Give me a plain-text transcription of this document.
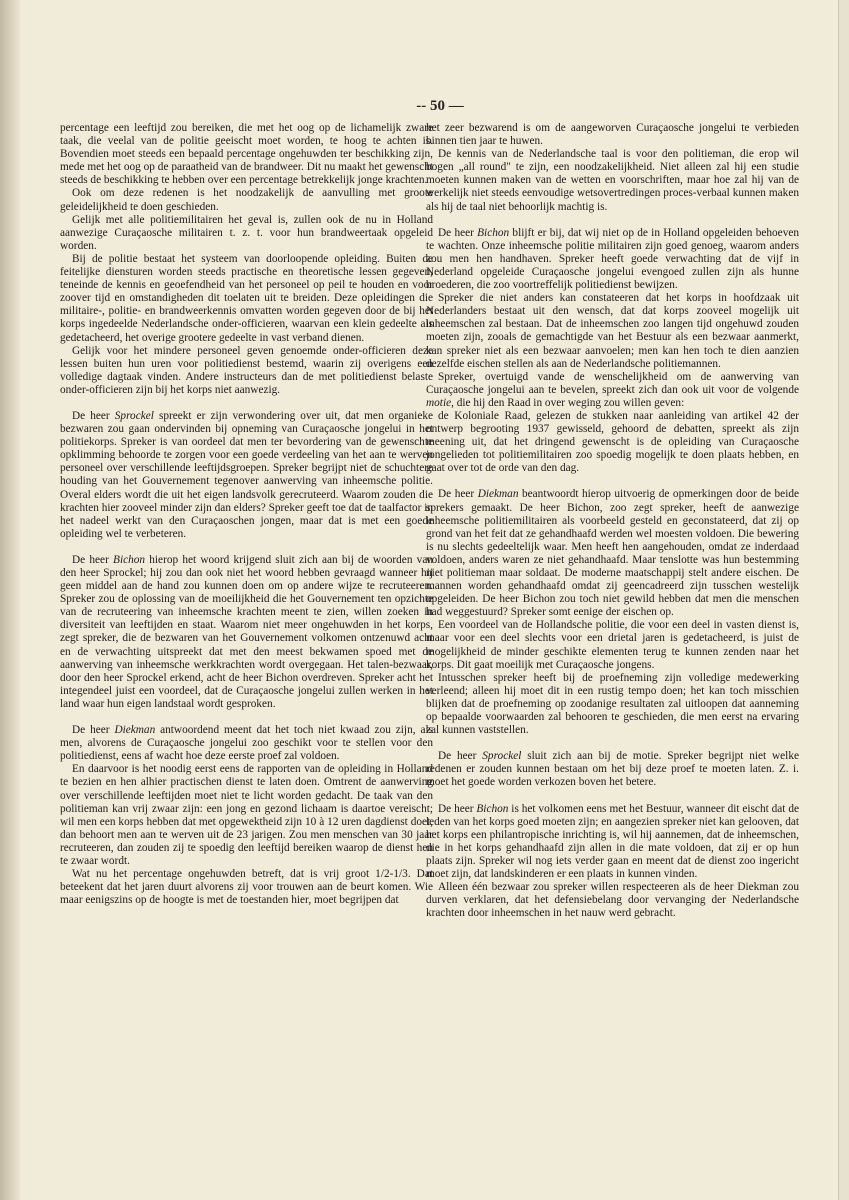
-- 50 —

percentage een leeftijd zou bereiken, die met het oog op de lichamelijk zware taak, die veelal van de politie geeischt moet worden, te hoog te achten is. Bovendien moet steeds een bepaald percentage ongehuwden ter beschikking zijn, mede met het oog op de paraatheid van de brandweer. Dit nu maakt het gewenscht steeds de beschikking te hebben over een percentage betrekkelijk jonge krachten.

Ook om deze redenen is het noodzakelijk de aanvulling met groote geleidelijkheid te doen geschieden.

Gelijk met alle politiemilitairen het geval is, zullen ook de nu in Holland aanwezige Curaçaosche militairen t. z. t. voor hun brandweertaak opgeleid worden.

Bij de politie bestaat het systeem van doorloopende opleiding. Buiten de feitelijke diensturen worden steeds practische en theoretische lessen gegeven, teneinde de kennis en geoefendheid van het personeel op peil te houden en voor zoover tijd en omstandigheden dit toelaten uit te breiden. Deze opleidingen die militaire-, politie- en brandweerkennis omvatten worden gegeven door de bij het korps ingedeelde Nederlandsche onder-officieren, waarvan een klein gedeelte als gedetacheerd, het overige grootere gedeelte in vast verband dienen.

Gelijk voor het mindere personeel geven genoemde onder-officieren deze lessen buiten hun uren voor politiedienst bestemd, waarin zij overigens een volledige dagtaak vinden. Andere instructeurs dan de met politiedienst belaste onder-officieren zijn bij het korps niet aanwezig.

De heer Sprockel spreekt er zijn verwondering over uit, dat men organieke bezwaren zou gaan ondervinden bij opneming van Curaçaosche jongelui in het politiekorps. Spreker is van oordeel dat men ter bevordering van de gewenschte opklimming behoorde te zorgen voor een goede verdeeling van het aan te werven personeel over verschillende leeftijdsgroepen. Spreker begrijpt niet de schuchtere houding van het Gouvernement tegenover aanwerving van inheemsche politie. Overal elders wordt die uit het eigen landsvolk gerecruteerd. Waarom zouden die krachten hier zooveel minder zijn dan elders? Spreker geeft toe dat de taalfactor in het nadeel werkt van den Curaçaoschen jongen, maar dat is met een goede opleiding wel te verbeteren.

De heer Bichon hierop het woord krijgend sluit zich aan bij de woorden van den heer Sprockel; hij zou dan ook niet het woord hebben gevraagd wanneer hij geen middel aan de hand zou kunnen doen om op andere wijze te recruteeren. Spreker zou de oplossing van de moeilijkheid die het Gouvernement ten opzichte van de recruteering van inheemsche krachten meent te zien, willen zoeken in diversiteit van leeftijden en staat. Waarom niet meer ongehuwden in het korps, zegt spreker, die de bezwaren van het Gouvernement volkomen ontzenuwd acht en de verwachting uitspreekt dat met den meest bekwamen spoed met de aanwerving van inheemsche werkkrachten wordt overgegaan. Het talen-bezwaar, door den heer Sprockel erkend, acht de heer Bichon overdreven. Spreker acht het integendeel juist een voordeel, dat de Curaçaosche jongelui zullen werken in het land waar hun eigen landstaal wordt gesproken.

De heer Diekman antwoordend meent dat het toch niet kwaad zou zijn, als men, alvorens de Curaçaosche jongelui zoo geschikt voor te stellen voor den politiedienst, eens af wacht hoe deze eerste proef zal voldoen.

En daarvoor is het noodig eerst eens de rapporten van de opleiding in Holland te bezien en hen alhier practischen dienst te laten doen. Omtrent de aanwerving over verschillende leeftijden moet niet te licht worden gedacht. De taak van den politieman kan vrij zwaar zijn: een jong en gezond lichaam is daartoe vereischt; wil men een korps hebben dat met opgewektheid zijn 10 à 12 uren dagdienst doet, dan behoort men aan te werven uit de 23 jarigen. Zou men menschen van 30 jaar recruteeren, dan zouden zij te spoedig den leeftijd bereiken waarop de dienst hen te zwaar wordt.

Wat nu het percentage ongehuwden betreft, dat is vrij groot 1/2-1/3. Dat beteekent dat het jaren duurt alvorens zij voor trouwen aan de beurt komen. Wie maar eenigszins op de hoogte is met de toestanden hier, moet begrijpen dat

het zeer bezwarend is om de aangeworven Curaçaosche jongelui te verbieden binnen tien jaar te huwen.

De kennis van de Nederlandsche taal is voor den politieman, die erop wil bogen „all round" te zijn, een noodzakelijkheid. Niet alleen zal hij een studie moeten kunnen maken van de wetten en voorschriften, maar hoe zal hij van de werkelijk niet steeds eenvoudige wetsovertredingen proces-verbaal kunnen maken als hij de taal niet behoorlijk machtig is.

De heer Bichon blijft er bij, dat wij niet op de in Holland opgeleiden behoeven te wachten. Onze inheemsche politie militairen zijn goed genoeg, waarom anders zou men hen handhaven. Spreker heeft goede verwachting dat de vijf in Nederland opgeleide Curaçaosche jongelui evengoed zullen zijn als hunne broederen, die zoo voortreffelijk politiedienst bewijzen.

Spreker die niet anders kan constateeren dat het korps in hoofdzaak uit Nederlanders bestaat uit den wensch, dat dat korps zooveel mogelijk uit inheemschen zal bestaan. Dat de inheemschen zoo langen tijd ongehuwd zouden moeten zijn, zooals de gemachtigde van het Bestuur als een bezwaar aanmerkt, kan spreker niet als een bezwaar aanvoelen; men kan hen toch te dien aanzien dezelfde eischen stellen als aan de Nederlandsche politiemannen.

Spreker, overtuigd vande de wenschelijkheid om de aanwerving van Curaçaosche jongelui aan te bevelen, spreekt zich dan ook uit voor de volgende motie, die hij den Raad in over weging zou willen geven:

de Koloniale Raad, gelezen de stukken naar aanleiding van artikel 42 der ontwerp begrooting 1937 gewisseld, gehoord de debatten, spreekt als zijn meening uit, dat het dringend gewenscht is de opleiding van Curaçaosche jongelieden tot politiemilitairen zoo spoedig mogelijk te doen plaats hebben, en gaat over tot de orde van den dag.

De heer Diekman beantwoordt hierop uitvoerig de opmerkingen door de beide sprekers gemaakt. De heer Bichon, zoo zegt spreker, heeft de aanwezige inheemsche politiemilitairen als voorbeeld gesteld en geconstateerd, dat zij op grond van het feit dat ze gehandhaafd werden wel moesten voldoen. Die bewering is nu slechts gedeeltelijk waar. Men heeft hen aangehouden, omdat ze inderdaad voldoen, anders waren ze niet gehandhaafd. Maar tenslotte was hun bestemming niet politieman maar soldaat. De moderne maatschappij stelt andere eischen. De mannen worden gehandhaafd omdat zij geencadreerd zijn tusschen westelijk opgeleiden. De heer Bichon zou toch niet gewild hebben dat men die menschen had weggestuurd? Spreker somt eenige der eischen op.

Een voordeel van de Hollandsche politie, die voor een deel in vasten dienst is, maar voor een deel slechts voor een drietal jaren is gedetacheerd, is juist de mogelijkheid de minder geschikte elementen terug te kunnen zenden naar het korps. Dit gaat moeilijk met Curaçaosche jongens.

Intusschen spreker heeft bij de proefneming zijn volledige medewerking verleend; alleen hij moet dit in een rustig tempo doen; het kan toch misschien blijken dat de proefneming op zoodanige resultaten zal uitloopen dat aanneming op bepaalde voorwaarden zal behooren te geschieden, die men eerst na ervaring zal kunnen vaststellen.

De heer Sprockel sluit zich aan bij de motie. Spreker begrijpt niet welke redenen er zouden kunnen bestaan om het bij deze proef te moeten laten. Z. i. moet het goede worden verkozen boven het betere.

De heer Bichon is het volkomen eens met het Bestuur, wanneer dit eischt dat de leden van het korps goed moeten zijn; en aangezien spreker niet kan gelooven, dat het korps een philantropische inrichting is, wil hij aannemen, dat de inheemschen, die in het korps gehandhaafd zijn allen in die mate voldoen, dat zij er op hun plaats zijn. Spreker wil nog iets verder gaan en meent dat de dienst zoo ingericht moet zijn, dat landskinderen er een plaats in kunnen vinden.

Alleen één bezwaar zou spreker willen respecteeren als de heer Diekman zou durven verklaren, dat het defensiebelang door vervanging der Nederlandsche krachten door inheemschen in het nauw werd gebracht.
